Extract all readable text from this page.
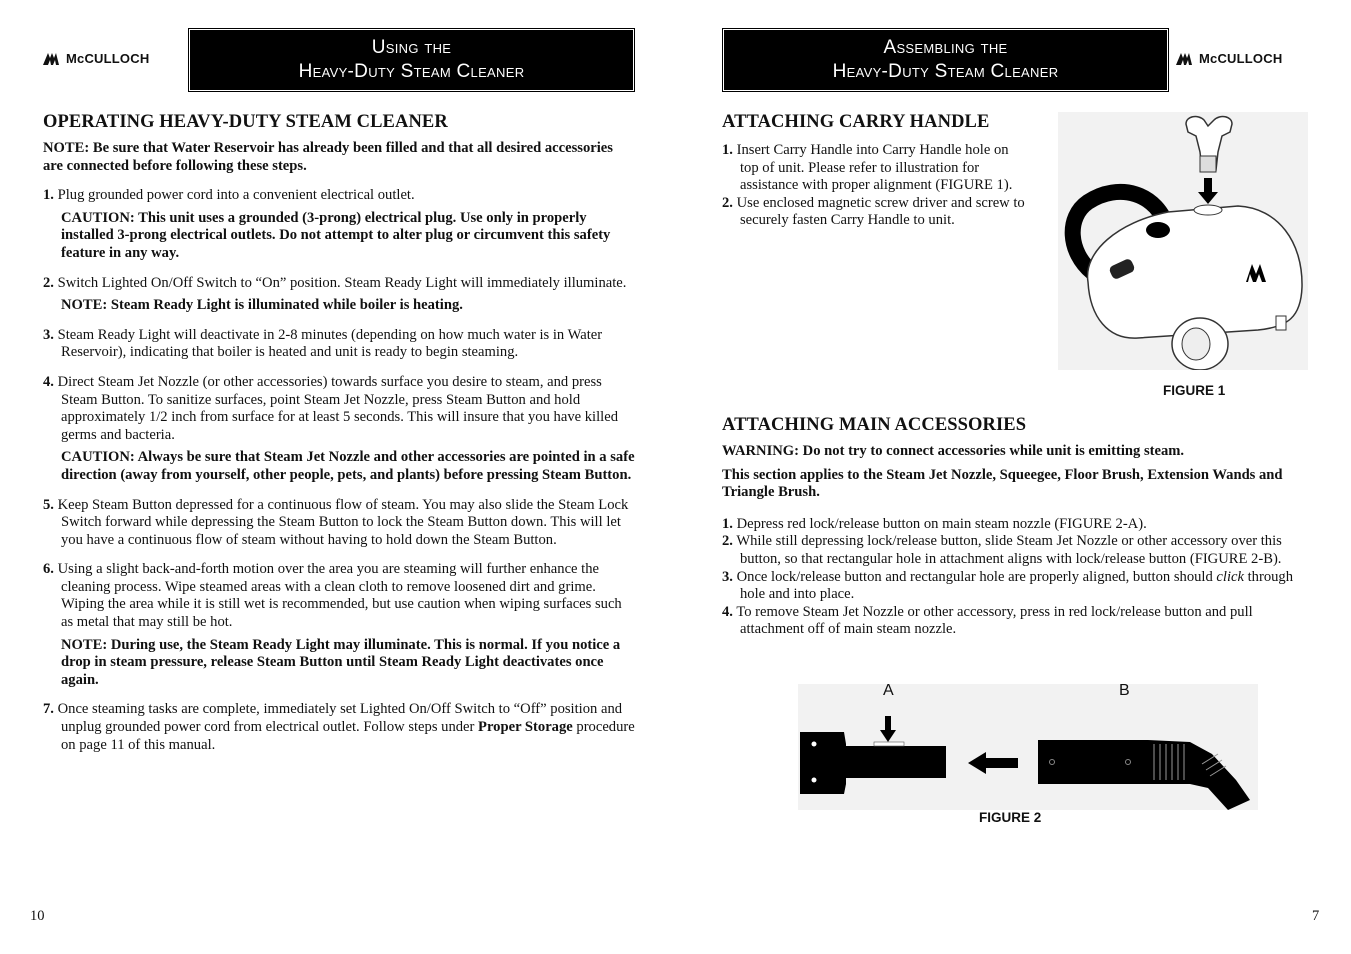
McCULLOCH
Using the
Heavy-Duty Steam Cleaner
OPERATING HEAVY-DUTY STEAM CLEANER
NOTE: Be sure that Water Reservoir has already been filled and that all desired accessories are connected before following these steps.
1. Plug grounded power cord into a convenient electrical outlet.
CAUTION: This unit uses a grounded (3-prong) electrical plug. Use only in properly installed 3-prong electrical outlets. Do not attempt to alter plug or circumvent this safety feature in any way.
2. Switch Lighted On/Off Switch to “On” position. Steam Ready Light will immediately illuminate.
NOTE: Steam Ready Light is illuminated while boiler is heating.
3. Steam Ready Light will deactivate in 2-8 minutes (depending on how much water is in Water Reservoir), indicating that boiler is heated and unit is ready to begin steaming.
4. Direct Steam Jet Nozzle (or other accessories) towards surface you desire to steam, and press Steam Button. To sanitize surfaces, point Steam Jet Nozzle, press Steam Button and hold approximately 1/2 inch from surface for at least 5 seconds. This will insure that you have killed germs and bacteria.
CAUTION: Always be sure that Steam Jet Nozzle and other accessories are pointed in a safe direction (away from yourself, other people, pets, and plants) before pressing Steam Button.
5. Keep Steam Button depressed for a continuous flow of steam. You may also slide the Steam Lock Switch forward while depressing the Steam Button to lock the Steam Button down. This will let you have a continuous flow of steam without having to hold down the Steam Button.
6. Using a slight back-and-forth motion over the area you are steaming will further enhance the cleaning process. Wipe steamed areas with a clean cloth to remove loosened dirt and grime. Wiping the area while it is still wet is recommended, but use caution when wiping surfaces such as metal that may still be hot.
NOTE: During use, the Steam Ready Light may illuminate. This is normal. If you notice a drop in steam pressure, release Steam Button until Steam Ready Light deactivates once again.
7. Once steaming tasks are complete, immediately set Lighted On/Off Switch to “Off” position and unplug grounded power cord from electrical outlet. Follow steps under Proper Storage procedure on page 11 of this manual.
10
Assembling the
Heavy-Duty Steam Cleaner
McCULLOCH
ATTACHING CARRY HANDLE
1. Insert Carry Handle into Carry Handle hole on top of unit. Please refer to illustration for assistance with proper alignment (FIGURE 1).
2. Use enclosed magnetic screw driver and screw to securely fasten Carry Handle to unit.
FIGURE 1
ATTACHING MAIN ACCESSORIES
WARNING: Do not try to connect accessories while unit is emitting steam.
This section applies to the Steam Jet Nozzle, Squeegee, Floor Brush, Extension Wands and Triangle Brush.
1. Depress red lock/release button on main steam nozzle (FIGURE 2-A).
2. While still depressing lock/release button, slide Steam Jet Nozzle or other accessory over this button, so that rectangular hole in attachment aligns with lock/release button (FIGURE 2-B).
3. Once lock/release button and rectangular hole are properly aligned, button should click through hole and into place.
4. To remove Steam Jet Nozzle or other accessory, press in red lock/release button and pull attachment off of main steam nozzle.
A	B
FIGURE 2
7
